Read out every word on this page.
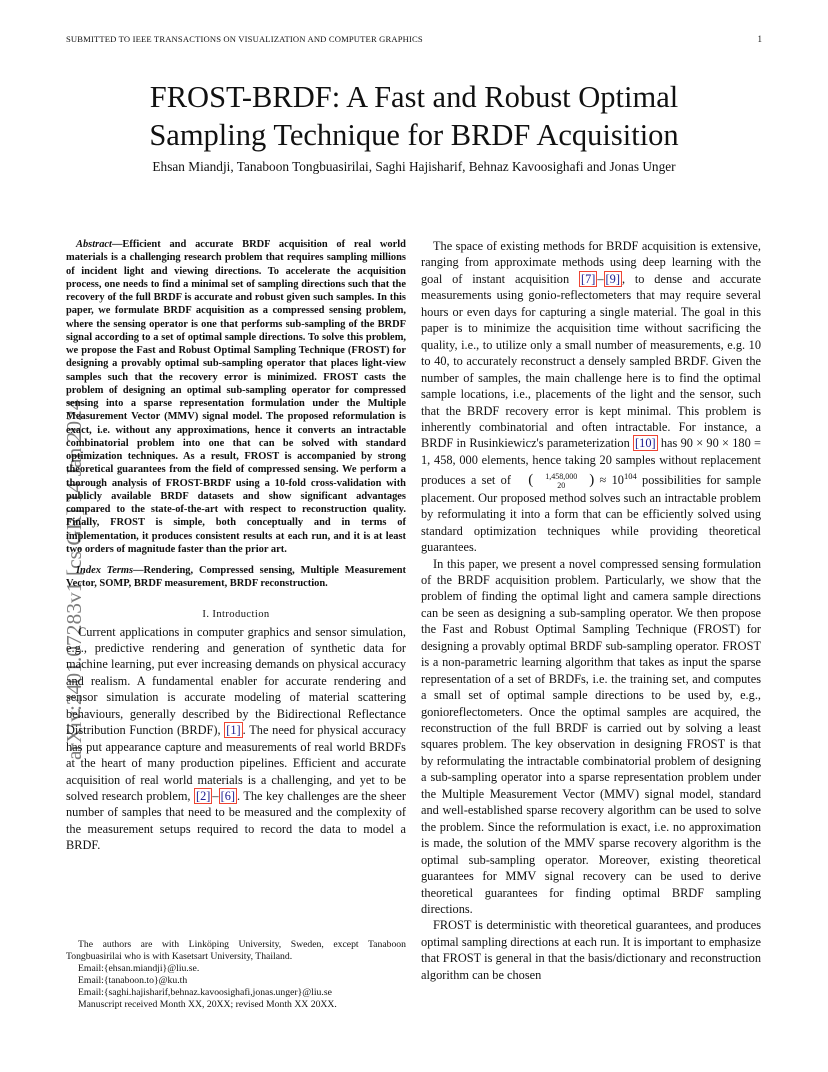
SUBMITTED TO IEEE TRANSACTIONS ON VISUALIZATION AND COMPUTER GRAPHICS	1
arXiv:2401.07283v1 [cs.GR] 14 Jan 2024
FROST-BRDF: A Fast and Robust Optimal
Sampling Technique for BRDF Acquisition
Ehsan Miandji, Tanaboon Tongbuasirilai, Saghi Hajisharif, Behnaz Kavoosighafi and Jonas Unger

Abstract—Efficient and accurate BRDF acquisition of real world materials is a challenging research problem that requires sampling millions of incident light and viewing directions. To accelerate the acquisition process, one needs to find a minimal set of sampling directions such that the recovery of the full BRDF is accurate and robust given such samples. In this paper, we formulate BRDF acquisition as a compressed sensing problem, where the sensing operator is one that performs sub-sampling of the BRDF signal according to a set of optimal sample directions. To solve this problem, we propose the Fast and Robust Optimal Sampling Technique (FROST) for designing a provably optimal sub-sampling operator that places light-view samples such that the recovery error is minimized. FROST casts the problem of designing an optimal sub-sampling operator for compressed sensing into a sparse representation formulation under the Multiple Measurement Vector (MMV) signal model. The proposed reformulation is exact, i.e. without any approximations, hence it converts an intractable combinatorial problem into one that can be solved with standard optimization techniques. As a result, FROST is accompanied by strong theoretical guarantees from the field of compressed sensing. We perform a thorough analysis of FROST-BRDF using a 10-fold cross-validation with publicly available BRDF datasets and show significant advantages compared to the state-of-the-art with respect to reconstruction quality. Finally, FROST is simple, both conceptually and in terms of implementation, it produces consistent results at each run, and it is at least two orders of magnitude faster than the prior art.

Index Terms—Rendering, Compressed sensing, Multiple Measurement Vector, SOMP, BRDF measurement, BRDF reconstruction.

I. Introduction

Current applications in computer graphics and sensor simulation, e.g., predictive rendering and generation of synthetic data for machine learning, put ever increasing demands on physical accuracy and realism. A fundamental enabler for accurate rendering and sensor simulation is accurate modeling of material scattering behaviours, generally described by the Bidirectional Reflectance Distribution Function (BRDF), [1] . The need for physical accuracy has put appearance capture and measurements of real world BRDFs at the heart of many production pipelines. Efficient and accurate acquisition of real world materials is a challenging, and yet to be solved research problem, [2] – [6] . The key challenges are the sheer number of samples that need to be measured and the complexity of the measurement setups required to record the data to model a BRDF.

The authors are with Linköping University, Sweden, except Tanaboon Tongbuasirilai who is with Kasetsart University, Thailand.

Email:{ehsan.miandji}@liu.se.

Email:{tanaboon.to}@ku.th

Email:{saghi.hajisharif,behnaz.kavoosighafi,jonas.unger}@liu.se

Manuscript received Month XX, 20XX; revised Month XX 20XX.

The space of existing methods for BRDF acquisition is extensive, ranging from approximate methods using deep learning with the goal of instant acquisition [7] – [9] , to dense and accurate measurements using gonio-reflectometers that may require several hours or even days for capturing a single material. The goal in this paper is to minimize the acquisition time without sacrificing the quality, i.e., to utilize only a small number of measurements, e.g. 10 to 40, to accurately reconstruct a densely sampled BRDF. Given the number of samples, the main challenge here is to find the optimal sample locations, i.e., placements of the light and the sensor, such that the BRDF recovery error is kept minimal. This problem is inherently combinatorial and often intractable. For instance, a BRDF in Rusinkiewicz's parameterization [10] has 90 × 90 × 180 = 1, 458, 000 elements, hence taking 20 samples without replacement produces a set of (	1,458,000
20	) ≈ $10^{104}$ possibilities for sample placement. Our proposed method solves such an intractable problem by reformulating it into a form that can be efficiently solved using standard optimization techniques while providing theoretical guarantees.

In this paper, we present a novel compressed sensing formulation of the BRDF acquisition problem. Particularly, we show that the problem of finding the optimal light and camera sample directions can be seen as designing a sub-sampling operator. We then propose the Fast and Robust Optimal Sampling Technique (FROST) for designing a provably optimal BRDF sub-sampling operator. FROST is a non-parametric learning algorithm that takes as input the sparse representation of a set of BRDFs, i.e. the training set, and computes a small set of optimal sample directions to be used by, e.g., gonioreflectometers. Once the optimal samples are acquired, the reconstruction of the full BRDF is carried out by solving a least squares problem. The key observation in designing FROST is that by reformulating the intractable combinatorial problem of designing a sub-sampling operator into a sparse representation problem under the Multiple Measurement Vector (MMV) signal model, standard and well-established sparse recovery algorithm can be used to solve the problem. Since the reformulation is exact, i.e. no approximation is made, the solution of the MMV sparse recovery algorithm is the optimal sub-sampling operator. Moreover, existing theoretical guarantees for MMV signal recovery can be used to derive theoretical guarantees for finding optimal BRDF sampling directions.

FROST is deterministic with theoretical guarantees, and produces optimal sampling directions at each run. It is important to emphasize that FROST is general in that the basis/dictionary and reconstruction algorithm can be chosen
